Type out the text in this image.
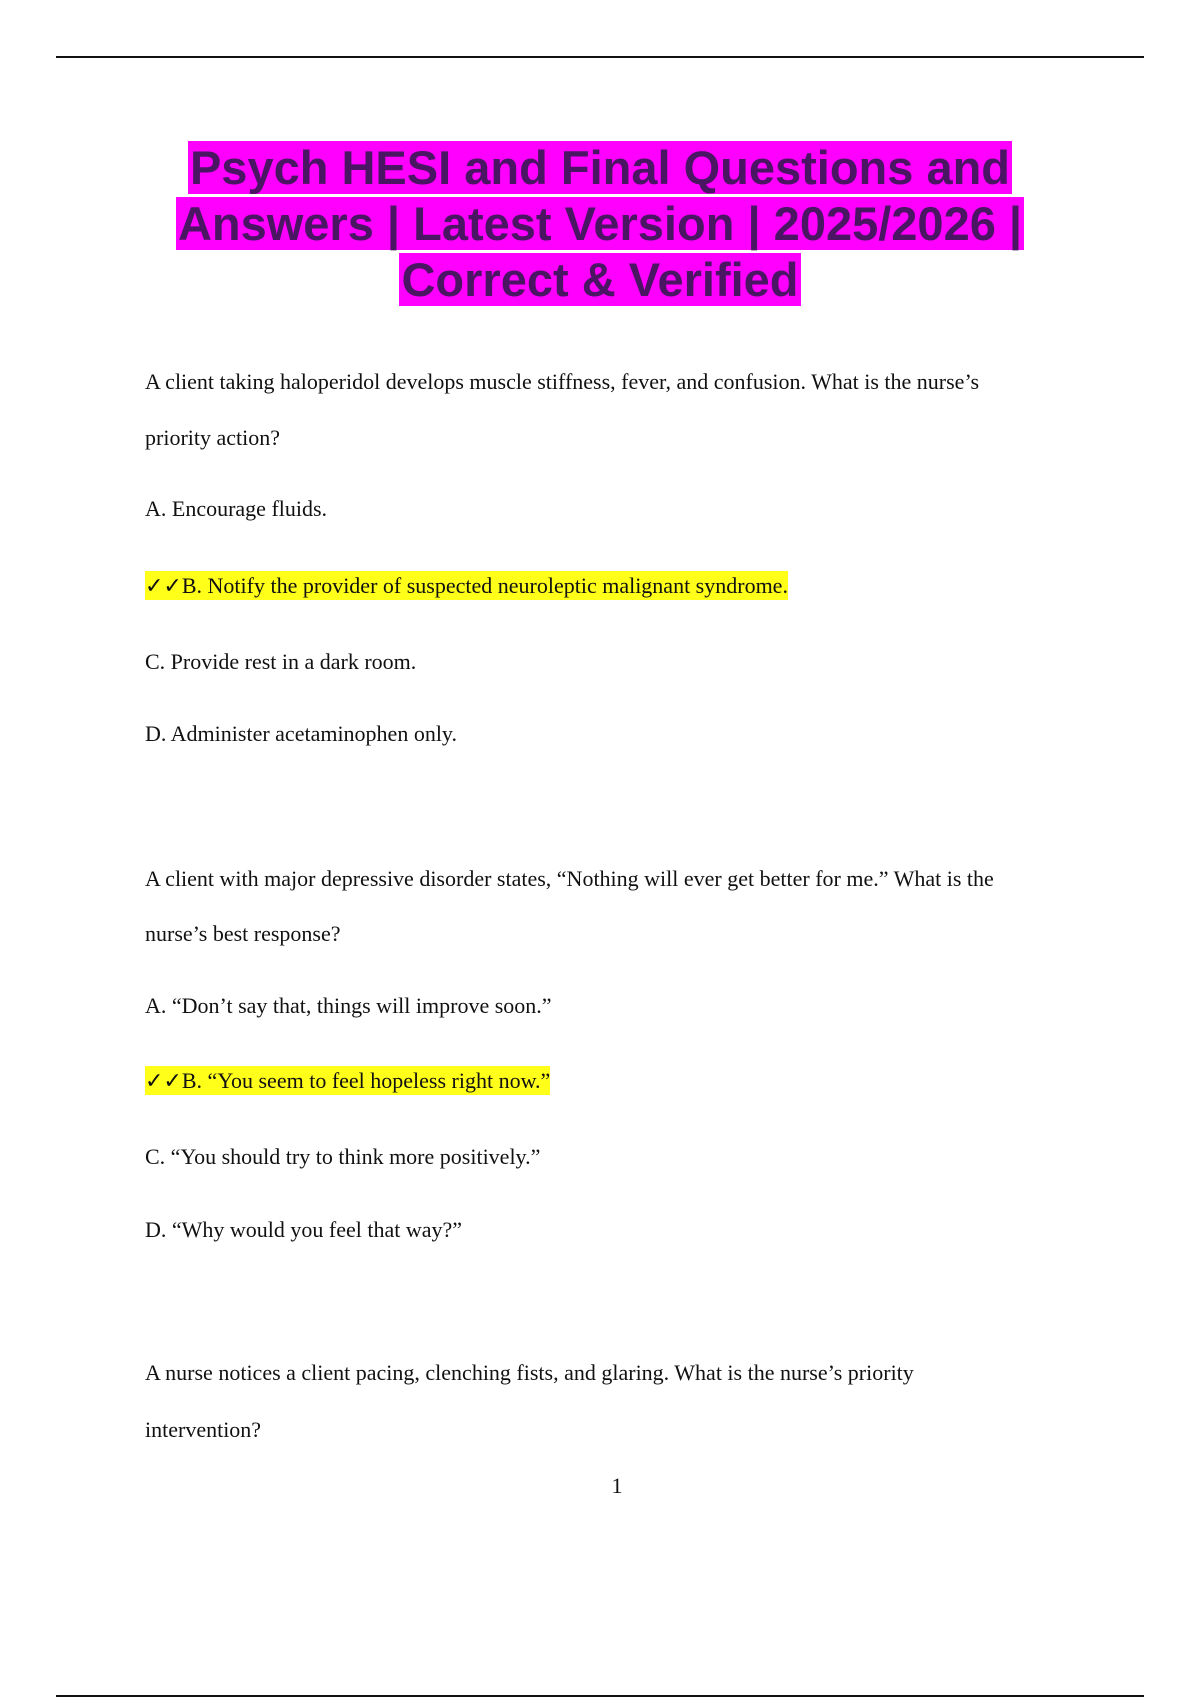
Psych HESI and Final Questions and Answers | Latest Version | 2025/2026 | Correct & Verified
A client taking haloperidol develops muscle stiffness, fever, and confusion. What is the nurse’s
priority action?
A. Encourage fluids.
✓✓B. Notify the provider of suspected neuroleptic malignant syndrome.
C. Provide rest in a dark room.
D. Administer acetaminophen only.
A client with major depressive disorder states, “Nothing will ever get better for me.” What is the
nurse’s best response?
A. “Don’t say that, things will improve soon.”
✓✓B. “You seem to feel hopeless right now.”
C. “You should try to think more positively.”
D. “Why would you feel that way?”
A nurse notices a client pacing, clenching fists, and glaring. What is the nurse’s priority
intervention?
1
